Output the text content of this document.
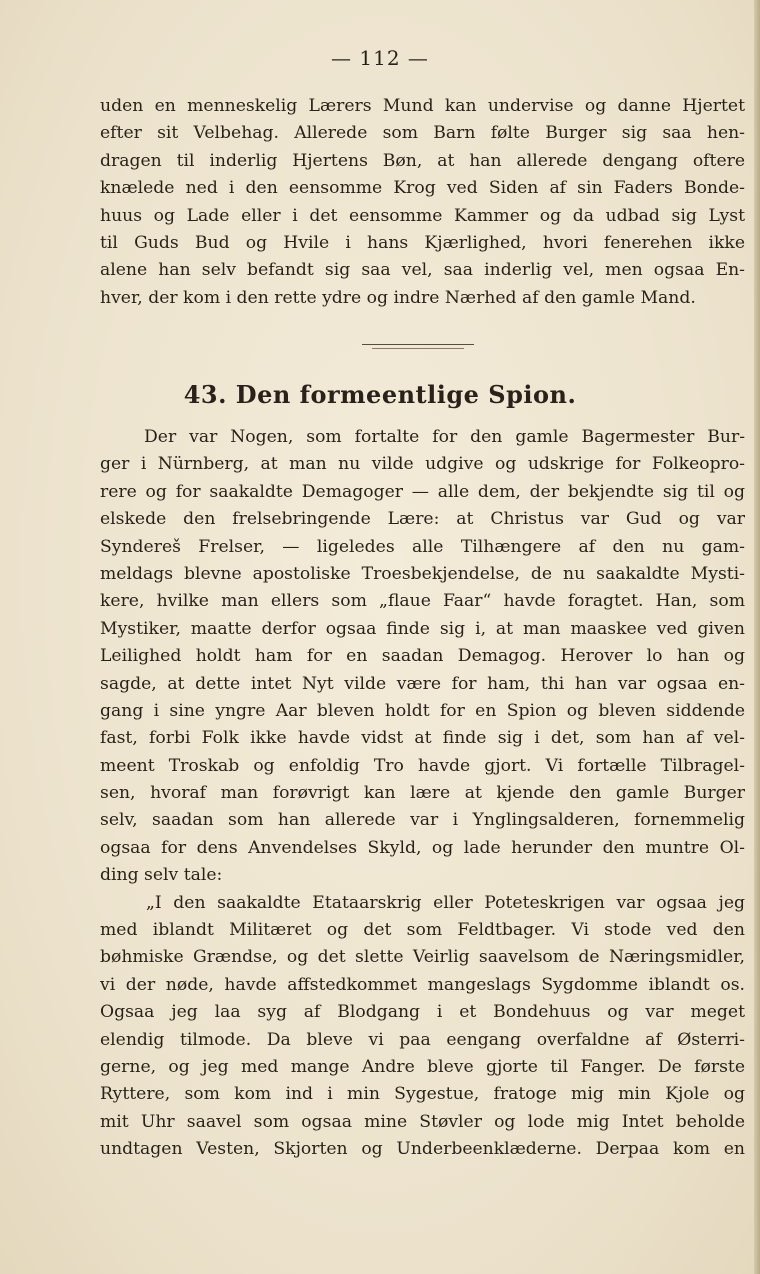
— 112 —
uden en menneskelig Lærers Mund kan undervise og danne Hjertet
efter sit Velbehag. Allerede som Barn følte Burger sig saa hen-
dragen til inderlig Hjertens Bøn, at han allerede dengang oftere
knælede ned i den eensomme Krog ved Siden af sin Faders Bonde-
huus og Lade eller i det eensomme Kammer og da udbad sig Lyst
til Guds Bud og Hvile i hans Kjærlighed, hvori fenerehen ikke
alene han selv befandt sig saa vel, saa inderlig vel, men ogsaa En-
hver, der kom i den rette ydre og indre Nærhed af den gamle Mand.
43. Den formeentlige Spion.
Der var Nogen, som fortalte for den gamle Bagermester Bur-
ger i Nürnberg, at man nu vilde udgive og udskrige for Folkeopro-
rere og for saakaldte Demagoger — alle dem, der bekjendte sig til og
elskede den frelsebringende Lære: at Christus var Gud og var
Syndereš Frelser, — ligeledes alle Tilhængere af den nu gam-
meldags blevne apostoliske Troesbekjendelse, de nu saakaldte Mysti-
kere, hvilke man ellers som „flaue Faar“ havde foragtet. Han, som
Mystiker, maatte derfor ogsaa finde sig i, at man maaskee ved given
Leilighed holdt ham for en saadan Demagog. Herover lo han og
sagde, at dette intet Nyt vilde være for ham, thi han var ogsaa en-
gang i sine yngre Aar bleven holdt for en Spion og bleven siddende
fast, forbi Folk ikke havde vidst at finde sig i det, som han af vel-
meent Troskab og enfoldig Tro havde gjort. Vi fortælle Tilbragel-
sen, hvoraf man forøvrigt kan lære at kjende den gamle Burger
selv, saadan som han allerede var i Ynglingsalderen, fornemmelig
ogsaa for dens Anvendelses Skyld, og lade herunder den muntre Ol-
ding selv tale:
„I den saakaldte Etataarskrig eller Poteteskrigen var ogsaa jeg
med iblandt Militæret og det som Feldtbager. Vi stode ved den
bøhmiske Grændse, og det slette Veirlig saavelsom de Næringsmidler,
vi der nøde, havde affstedkommet mangeslags Sygdomme iblandt os.
Ogsaa jeg laa syg af Blodgang i et Bondehuus og var meget
elendig tilmode. Da bleve vi paa eengang overfaldne af Østerri-
gerne, og jeg med mange Andre bleve gjorte til Fanger. De første
Ryttere, som kom ind i min Sygestue, fratoge mig min Kjole og
mit Uhr saavel som ogsaa mine Støvler og lode mig Intet beholde
undtagen Vesten, Skjorten og Underbeenklæderne. Derpaa kom en
